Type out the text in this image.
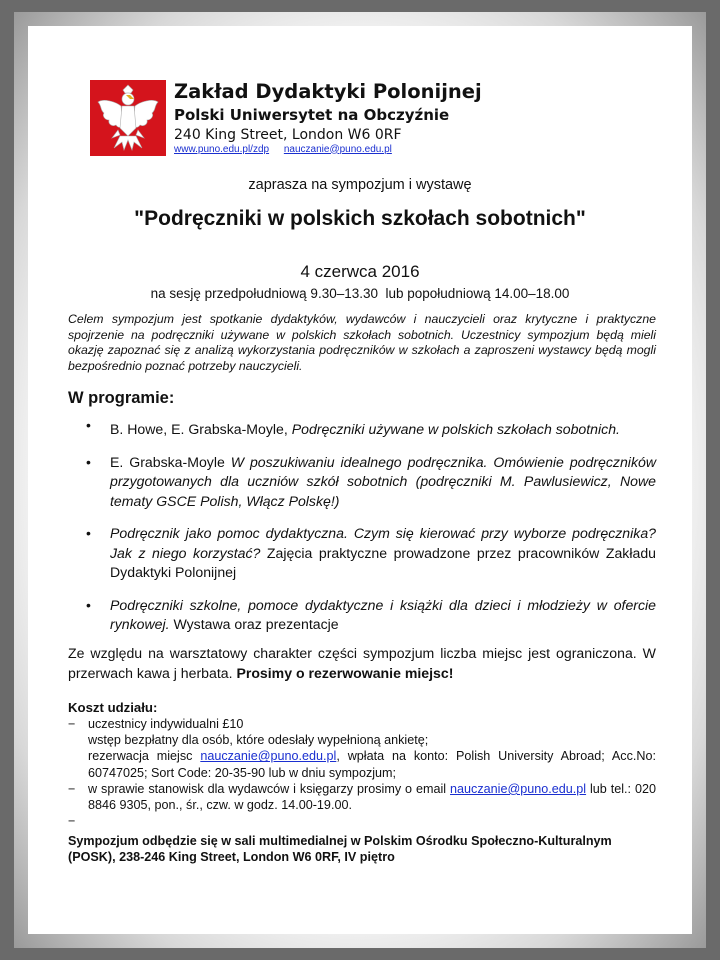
Zakład Dydaktyki Polonijnej
Polski Uniwersytet na Obczyźnie
240 King Street, London W6 0RF
www.puno.edu.pl/zdp nauczanie@puno.edu.pl
zaprasza na sympozjum i wystawę
"Podręczniki w polskich szkołach sobotnich"
4 czerwca 2016
na sesję przedpołudniową 9.30–13.30  lub popołudniową 14.00–18.00
Celem sympozjum jest spotkanie dydaktyków, wydawców i nauczycieli oraz krytyczne i praktyczne spojrzenie na podręczniki używane w polskich szkołach sobotnich. Uczestnicy sympozjum będą mieli okazję zapoznać się z analizą wykorzystania podręczników w szkołach a zaproszeni wystawcy będą mogli bezpośrednio poznać potrzeby nauczycieli.
W programie:
• B. Howe, E. Grabska-Moyle, Podręczniki używane w polskich szkołach sobotnich.
• E. Grabska-Moyle W poszukiwaniu idealnego podręcznika. Omówienie podręczników przygotowanych dla uczniów szkół sobotnich (podręczniki M. Pawlusiewicz, Nowe tematy GSCE Polish, Włącz Polskę!)
• Podręcznik jako pomoc dydaktyczna. Czym się kierować przy wyborze podręcznika? Jak z niego korzystać? Zajęcia praktyczne prowadzone przez pracowników Zakładu Dydaktyki Polonijnej
• Podręczniki szkolne, pomoce dydaktyczne i książki dla dzieci i młodzieży w ofercie rynkowej. Wystawa oraz prezentacje
Ze względu na warsztatowy charakter części sympozjum liczba miejsc jest ograniczona. W przerwach kawa j herbata. Prosimy o rezerwowanie miejsc!
Koszt udziału:
− uczestnicy indywidualni £10
wstęp bezpłatny dla osób, które odesłały wypełnioną ankietę;
rezerwacja miejsc nauczanie@puno.edu.pl, wpłata na konto: Polish University Abroad; Acc.No: 60747025; Sort Code: 20-35-90 lub w dniu sympozjum;
− w sprawie stanowisk dla wydawców i księgarzy prosimy o email nauczanie@puno.edu.pl lub tel.: 020 8846 9305, pon., śr., czw. w godz. 14.00-19.00.
−

Sympozjum odbędzie się w sali multimedialnej w Polskim Ośrodku Społeczno-Kulturalnym (POSK), 238-246 King Street, London W6 0RF, IV piętro
